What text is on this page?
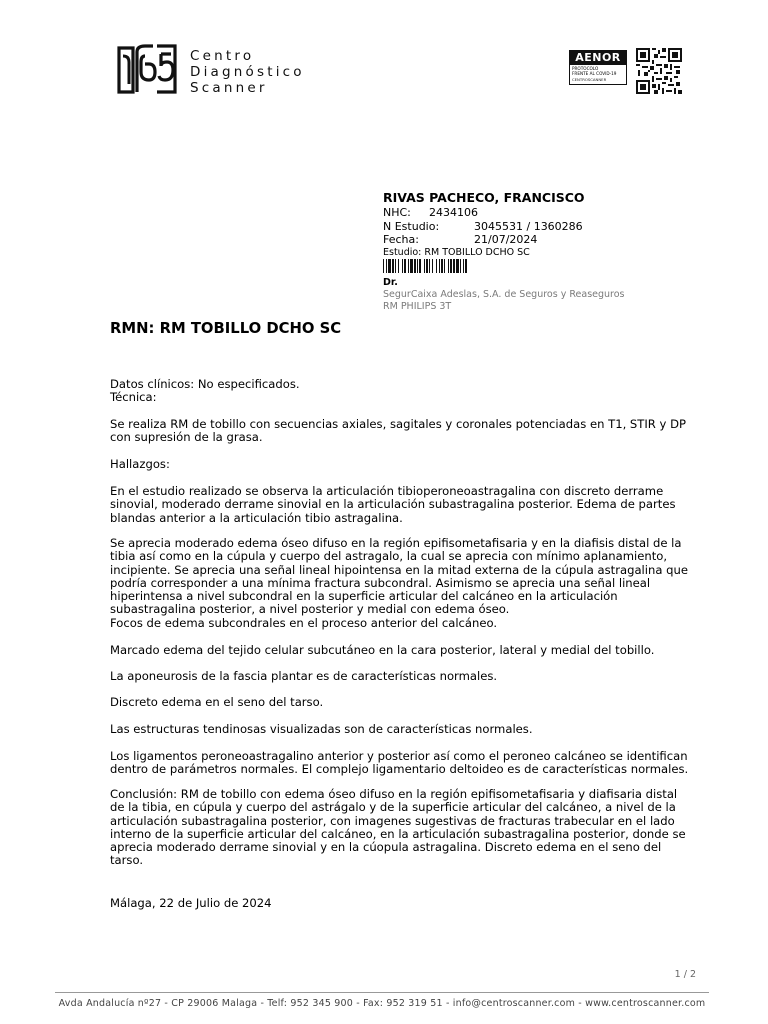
Centro
Diagnóstico
Scanner
AENOR
PROTOCOLO
FRENTE AL COVID-19
CENTROSCANNER
RIVAS PACHECO, FRANCISCO
NHC: 2434106
N Estudio:	3045531 / 1360286
Fecha:	21/07/2024
Estudio: RM TOBILLO DCHO SC
Dr.
SegurCaixa Adeslas, S.A. de Seguros y Reaseguros
RM PHILIPS 3T
RMN: RM TOBILLO DCHO SC
Datos clínicos: No especificados.
Técnica:
Se realiza RM de tobillo con secuencias axiales, sagitales y coronales potenciadas en T1, STIR y DP
con supresión de la grasa.
Hallazgos:
En el estudio realizado se observa la articulación tibioperoneoastragalina con discreto derrame
sinovial, moderado derrame sinovial en la articulación subastragalina posterior. Edema de partes
blandas anterior a la articulación tibio astragalina.
Se aprecia moderado edema óseo difuso en la región epifisometafisaria y en la diafisis distal de la
tibia así como en la cúpula y cuerpo del astragalo, la cual se aprecia con mínimo aplanamiento,
incipiente. Se aprecia una señal lineal hipointensa en la mitad externa de la cúpula astragalina que
podría corresponder a una mínima fractura subcondral. Asimismo se aprecia una señal lineal
hiperintensa a nivel subcondral en la superficie articular del calcáneo en la articulación
subastragalina posterior, a nivel posterior y medial con edema óseo.
Focos de edema subcondrales en el proceso anterior del calcáneo.
Marcado edema del tejido celular subcutáneo en la cara posterior, lateral y medial del tobillo.
La aponeurosis de la fascia plantar es de características normales.
Discreto edema en el seno del tarso.
Las estructuras tendinosas visualizadas son de características normales.
Los ligamentos peroneoastragalino anterior y posterior así como el peroneo calcáneo se identifican
dentro de parámetros normales. El complejo ligamentario deltoideo es de características normales.
Conclusión: RM de tobillo con edema óseo difuso en la región epifisometafisaria y diafisaria distal
de la tibia, en cúpula y cuerpo del astrágalo y de la superficie articular del calcáneo, a nivel de la
articulación subastragalina posterior, con imagenes sugestivas de fracturas trabecular en el lado
interno de la superficie articular del calcáneo, en la articulación subastragalina posterior, donde se
aprecia moderado derrame sinovial y en la cúopula astragalina. Discreto edema en el seno del
tarso.
Málaga, 22 de Julio de 2024
1 / 2
Avda Andalucía nº27 - CP 29006 Malaga - Telf: 952 345 900 - Fax: 952 319 51 - info@centroscanner.com - www.centroscanner.com
